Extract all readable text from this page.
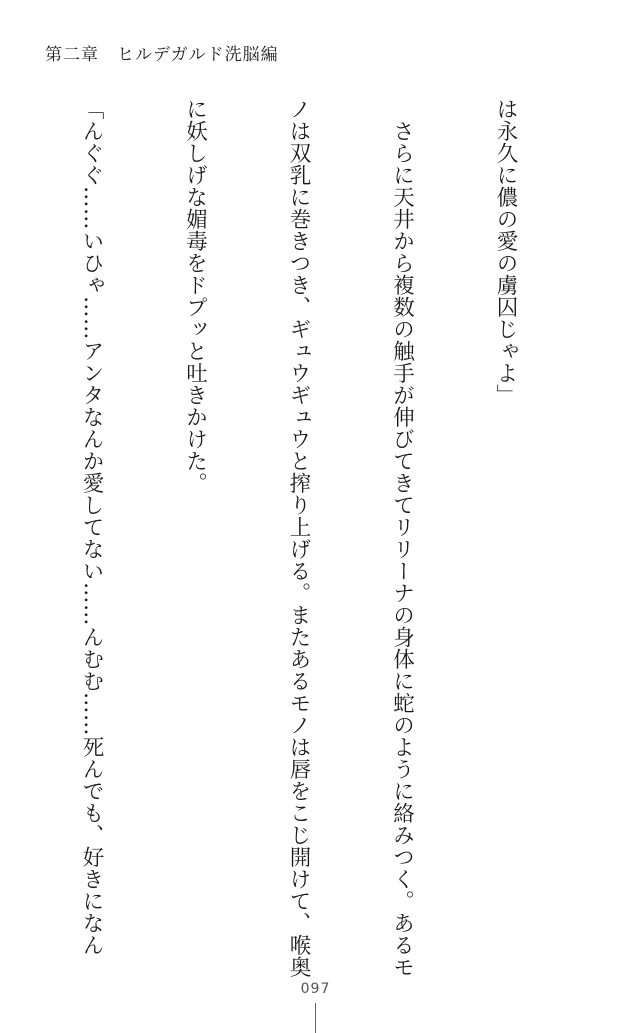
第二章 ヒルデガルド洗脳編

は永久に儂の愛の虜囚じゃよ」

　さらに天井から複数の触手が伸びてきてリリーナの身体に蛇のように絡みつく。あるモ

ノは双乳に巻きつき、ギュウギュウと搾り上げる。またあるモノは唇をこじ開けて、喉奥

に妖しげな媚毒をドプッと吐きかけた。

「んぐぐ……いひゃ……アンタなんか愛してない……んむむ……死んでも、好きになん

097
